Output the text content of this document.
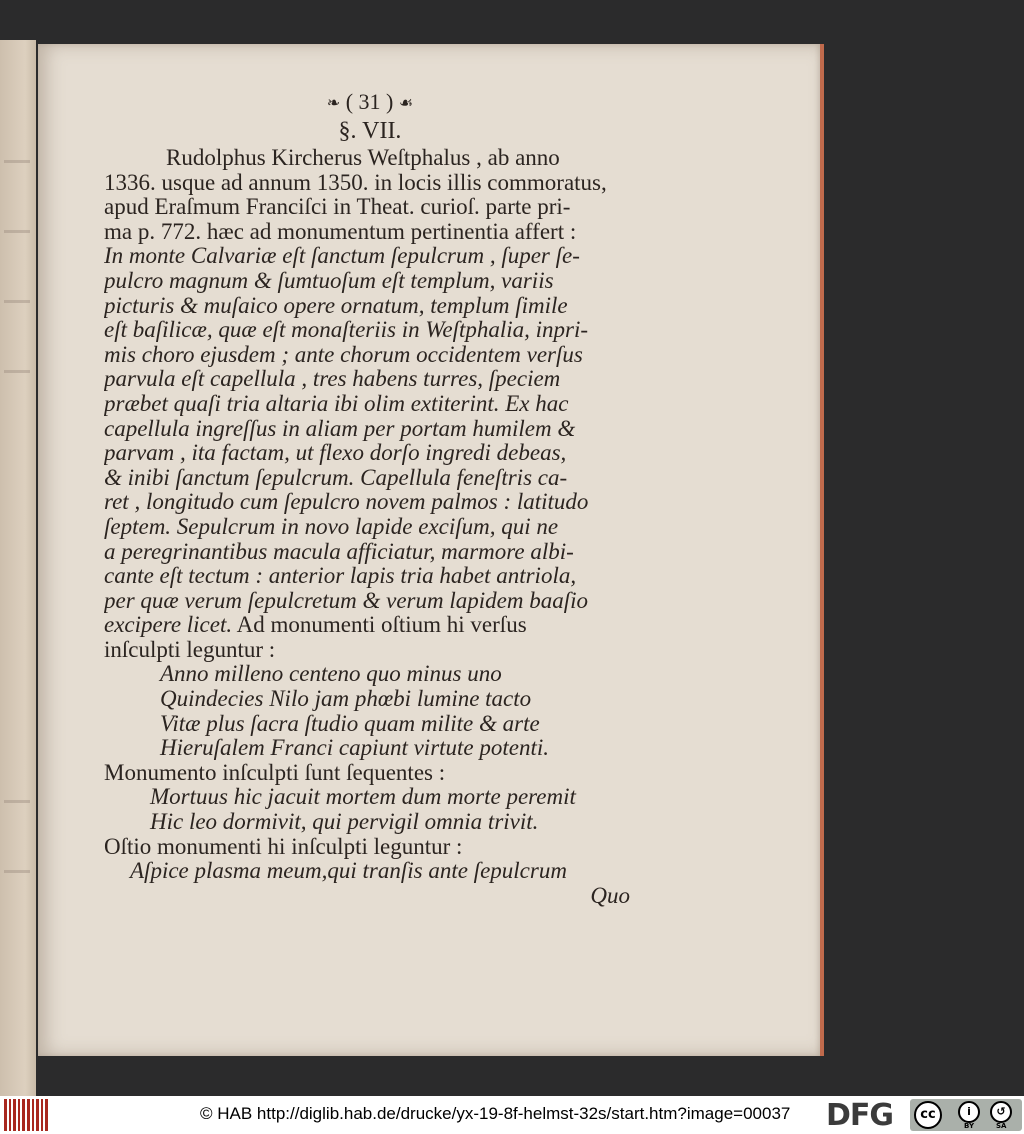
❧ ( 31 ) ☙
§. VII.
Rudolphus Kircherus Weſtphalus , ab anno
1336. usque ad annum 1350. in locis illis commoratus,
apud Eraſmum Franciſci in Theat. curioſ. parte pri-
ma p. 772. hæc ad monumentum pertinentia affert :
In monte Calvariæ eſt ſanctum ſepulcrum , ſuper ſe-
pulcro magnum & ſumtuoſum eſt templum, variis
picturis & muſaico opere ornatum, templum ſimile
eſt baſilicæ, quæ eſt monaſteriis in Weſtphalia, inpri-
mis choro ejusdem ; ante chorum occidentem verſus
parvula eſt capellula , tres habens turres, ſpeciem
præbet quaſi tria altaria ibi olim extiterint. Ex hac
capellula ingreſſus in aliam per portam humilem &
parvam , ita factam, ut flexo dorſo ingredi debeas,
& inibi ſanctum ſepulcrum. Capellula feneſtris ca-
ret , longitudo cum ſepulcro novem palmos : latitudo
ſeptem. Sepulcrum in novo lapide exciſum, qui ne
a peregrinantibus macula afficiatur, marmore albi-
cante eſt tectum : anterior lapis tria habet antriola,
per quæ verum ſepulcretum & verum lapidem baaſio
excipere licet. Ad monumenti oſtium hi verſus
inſculpti leguntur :
Anno milleno centeno quo minus uno
Quindecies Nilo jam phœbi lumine tacto
Vitæ plus ſacra ſtudio quam milite & arte
Hieruſalem Franci capiunt virtute potenti.
Monumento inſculpti ſunt ſequentes :
Mortuus hic jacuit mortem dum morte peremit
Hic leo dormivit, qui pervigil omnia trivit.
Oſtio monumenti hi inſculpti leguntur :
Aſpice plasma meum,qui tranſis ante ſepulcrum
Quo
© HAB http://diglib.hab.de/drucke/yx-19-8f-helmst-32s/start.htm?image=00037 DFG	cc	i	↺
BY	SA
